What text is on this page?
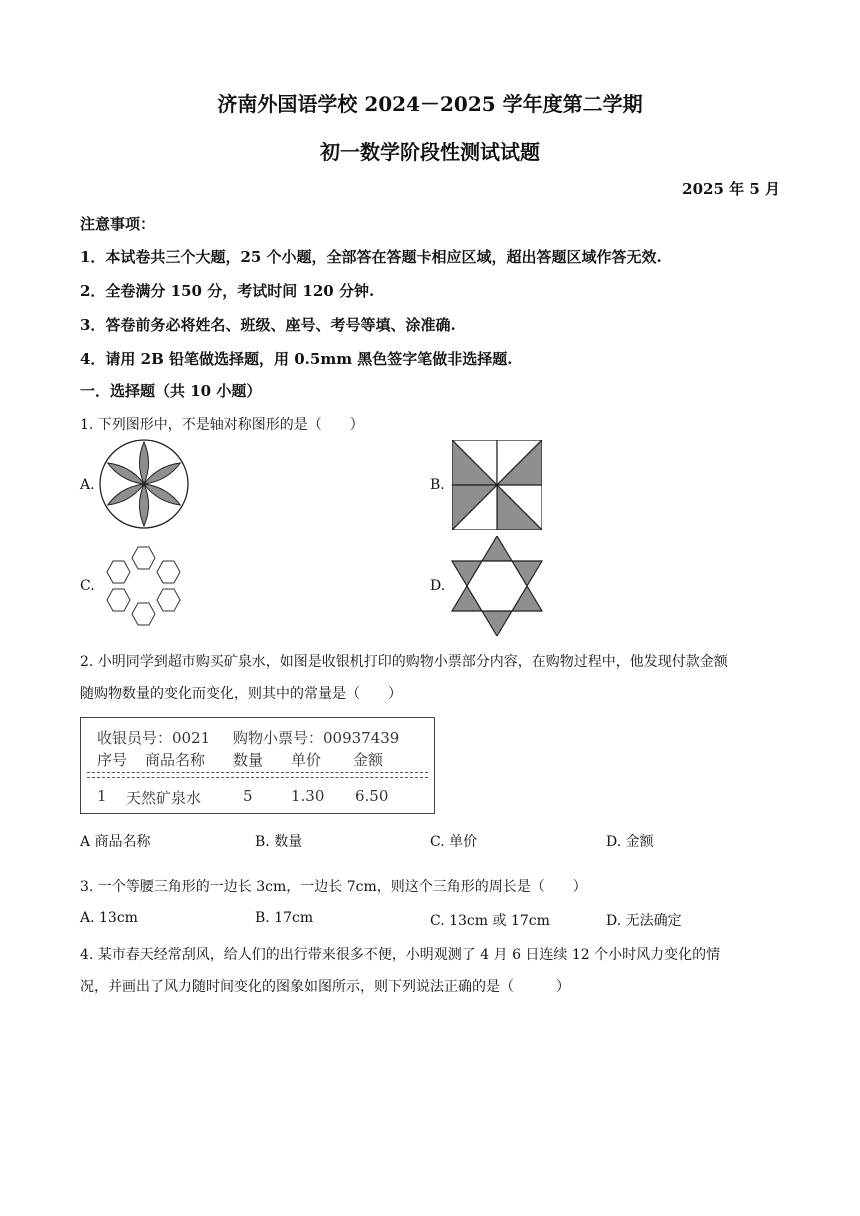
济南外国语学校 2024－2025 学年度第二学期
初一数学阶段性测试试题
2025 年 5 月
注意事项：
1．本试卷共三个大题，25 个小题，全部答在答题卡相应区域，超出答题区域作答无效.
2．全卷满分 150 分，考试时间 120 分钟.
3．答卷前务必将姓名、班级、座号、考号等填、涂准确.
4．请用 2B 铅笔做选择题，用 0.5mm 黑色签字笔做非选择题.
一．选择题（共 10 小题）
1. 下列图形中，不是轴对称图形的是（　　）
A.	B.
C.	D.
2. 小明同学到超市购买矿泉水，如图是收银机打印的购物小票部分内容，在购物过程中，他发现付款金额
随购物数量的变化而变化，则其中的常量是（　　）
收银员号：0021 购物小票号：00937439
序号 商品名称 数量 单价 金额
1 天然矿泉水	5	1.30 6.50
A 商品名称	B. 数量	C. 单价	D. 金额
3. 一个等腰三角形的一边长 3cm，一边长 7cm，则这个三角形的周长是（　　）
A. 13cm	B. 17cm	C. 13cm 或 17cm	D. 无法确定
4. 某市春天经常刮风，给人们的出行带来很多不便，小明观测了 4 月 6 日连续 12 个小时风力变化的情
况，并画出了风力随时间变化的图象如图所示，则下列说法正确的是（　　　）
